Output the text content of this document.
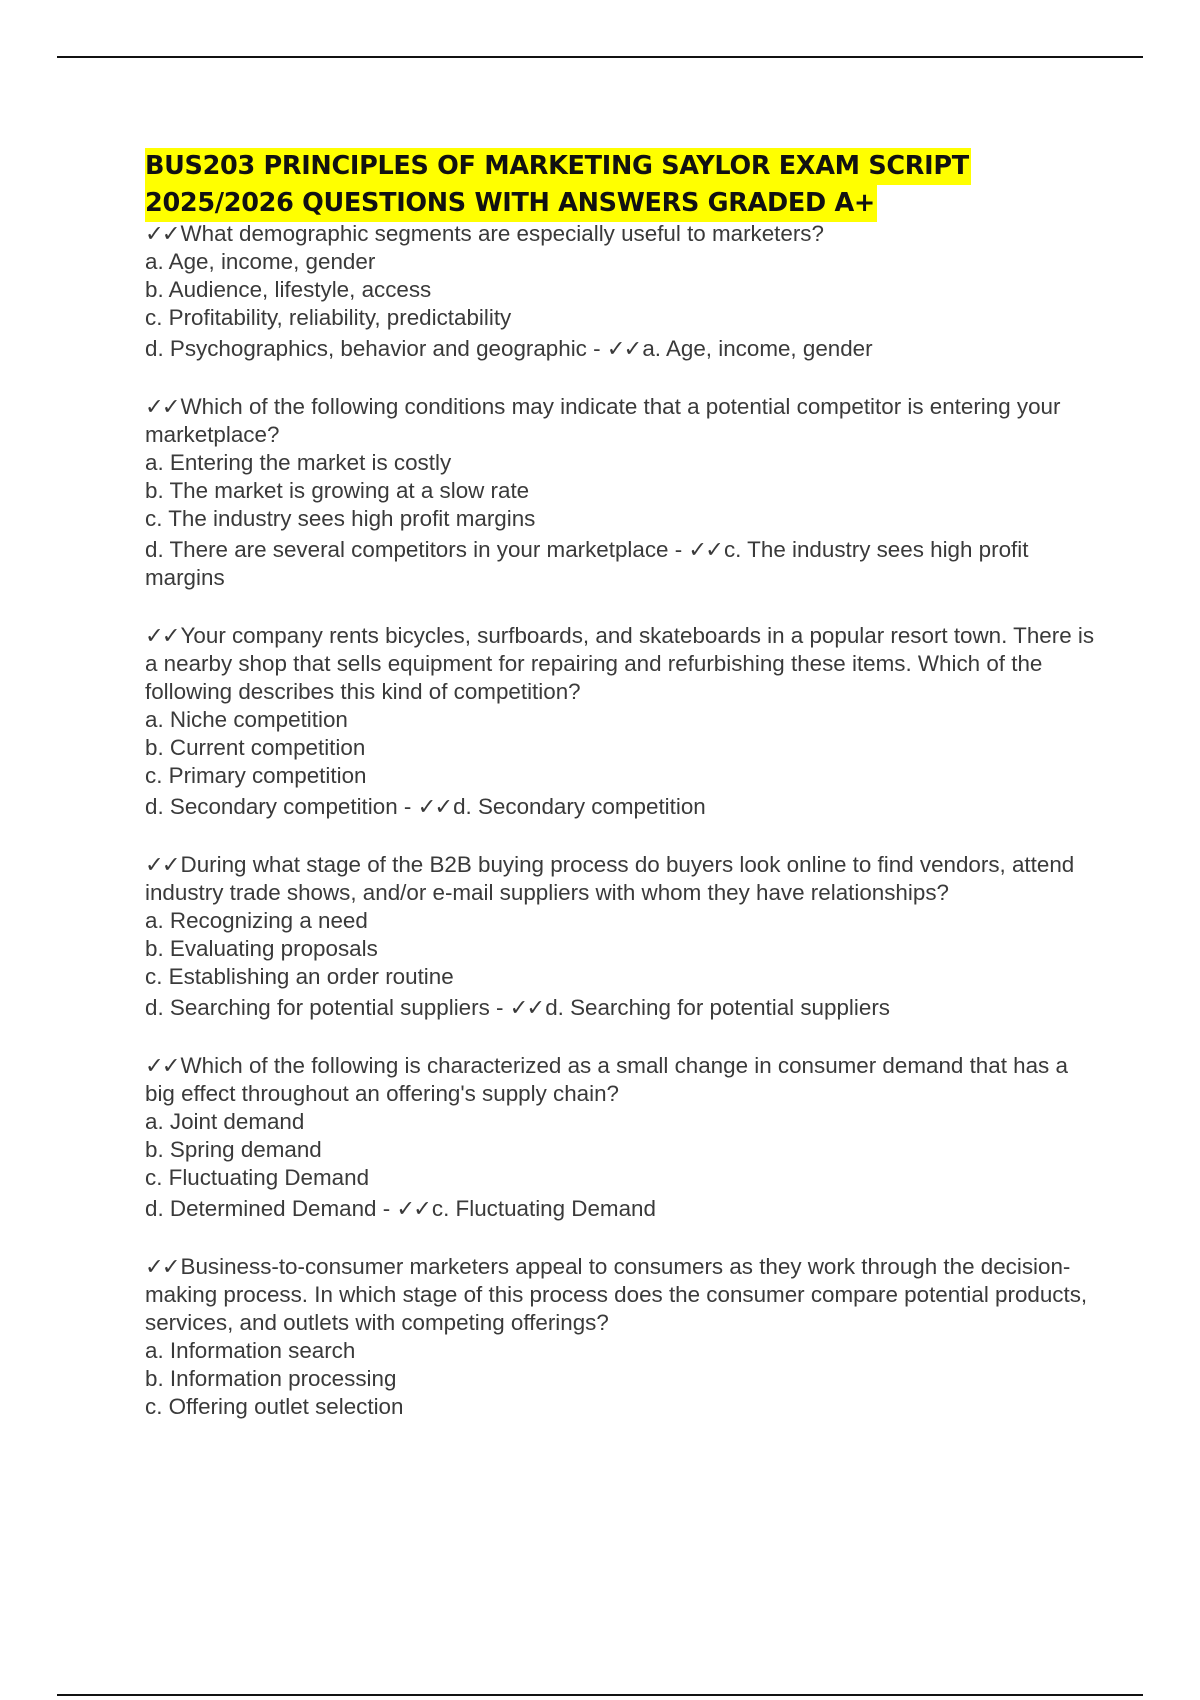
BUS203 PRINCIPLES OF MARKETING SAYLOR EXAM SCRIPT
2025/2026 QUESTIONS WITH ANSWERS GRADED A+

✓✓What demographic segments are especially useful to marketers?

a. Age, income, gender

b. Audience, lifestyle, access

c. Profitability, reliability, predictability

d. Psychographics, behavior and geographic - ✓✓a. Age, income, gender

✓✓Which of the following conditions may indicate that a potential competitor is entering your marketplace?

a. Entering the market is costly

b. The market is growing at a slow rate

c. The industry sees high profit margins

d. There are several competitors in your marketplace - ✓✓c. The industry sees high profit margins

✓✓Your company rents bicycles, surfboards, and skateboards in a popular resort town. There is a nearby shop that sells equipment for repairing and refurbishing these items. Which of the following describes this kind of competition?

a. Niche competition

b. Current competition

c. Primary competition

d. Secondary competition - ✓✓d. Secondary competition

✓✓During what stage of the B2B buying process do buyers look online to find vendors, attend industry trade shows, and/or e-mail suppliers with whom they have relationships?

a. Recognizing a need

b. Evaluating proposals

c. Establishing an order routine

d. Searching for potential suppliers - ✓✓d. Searching for potential suppliers

✓✓Which of the following is characterized as a small change in consumer demand that has a big effect throughout an offering's supply chain?

a. Joint demand

b. Spring demand

c. Fluctuating Demand

d. Determined Demand - ✓✓c. Fluctuating Demand

✓✓Business-to-consumer marketers appeal to consumers as they work through the decision-making process. In which stage of this process does the consumer compare potential products, services, and outlets with competing offerings?

a. Information search

b. Information processing

c. Offering outlet selection
